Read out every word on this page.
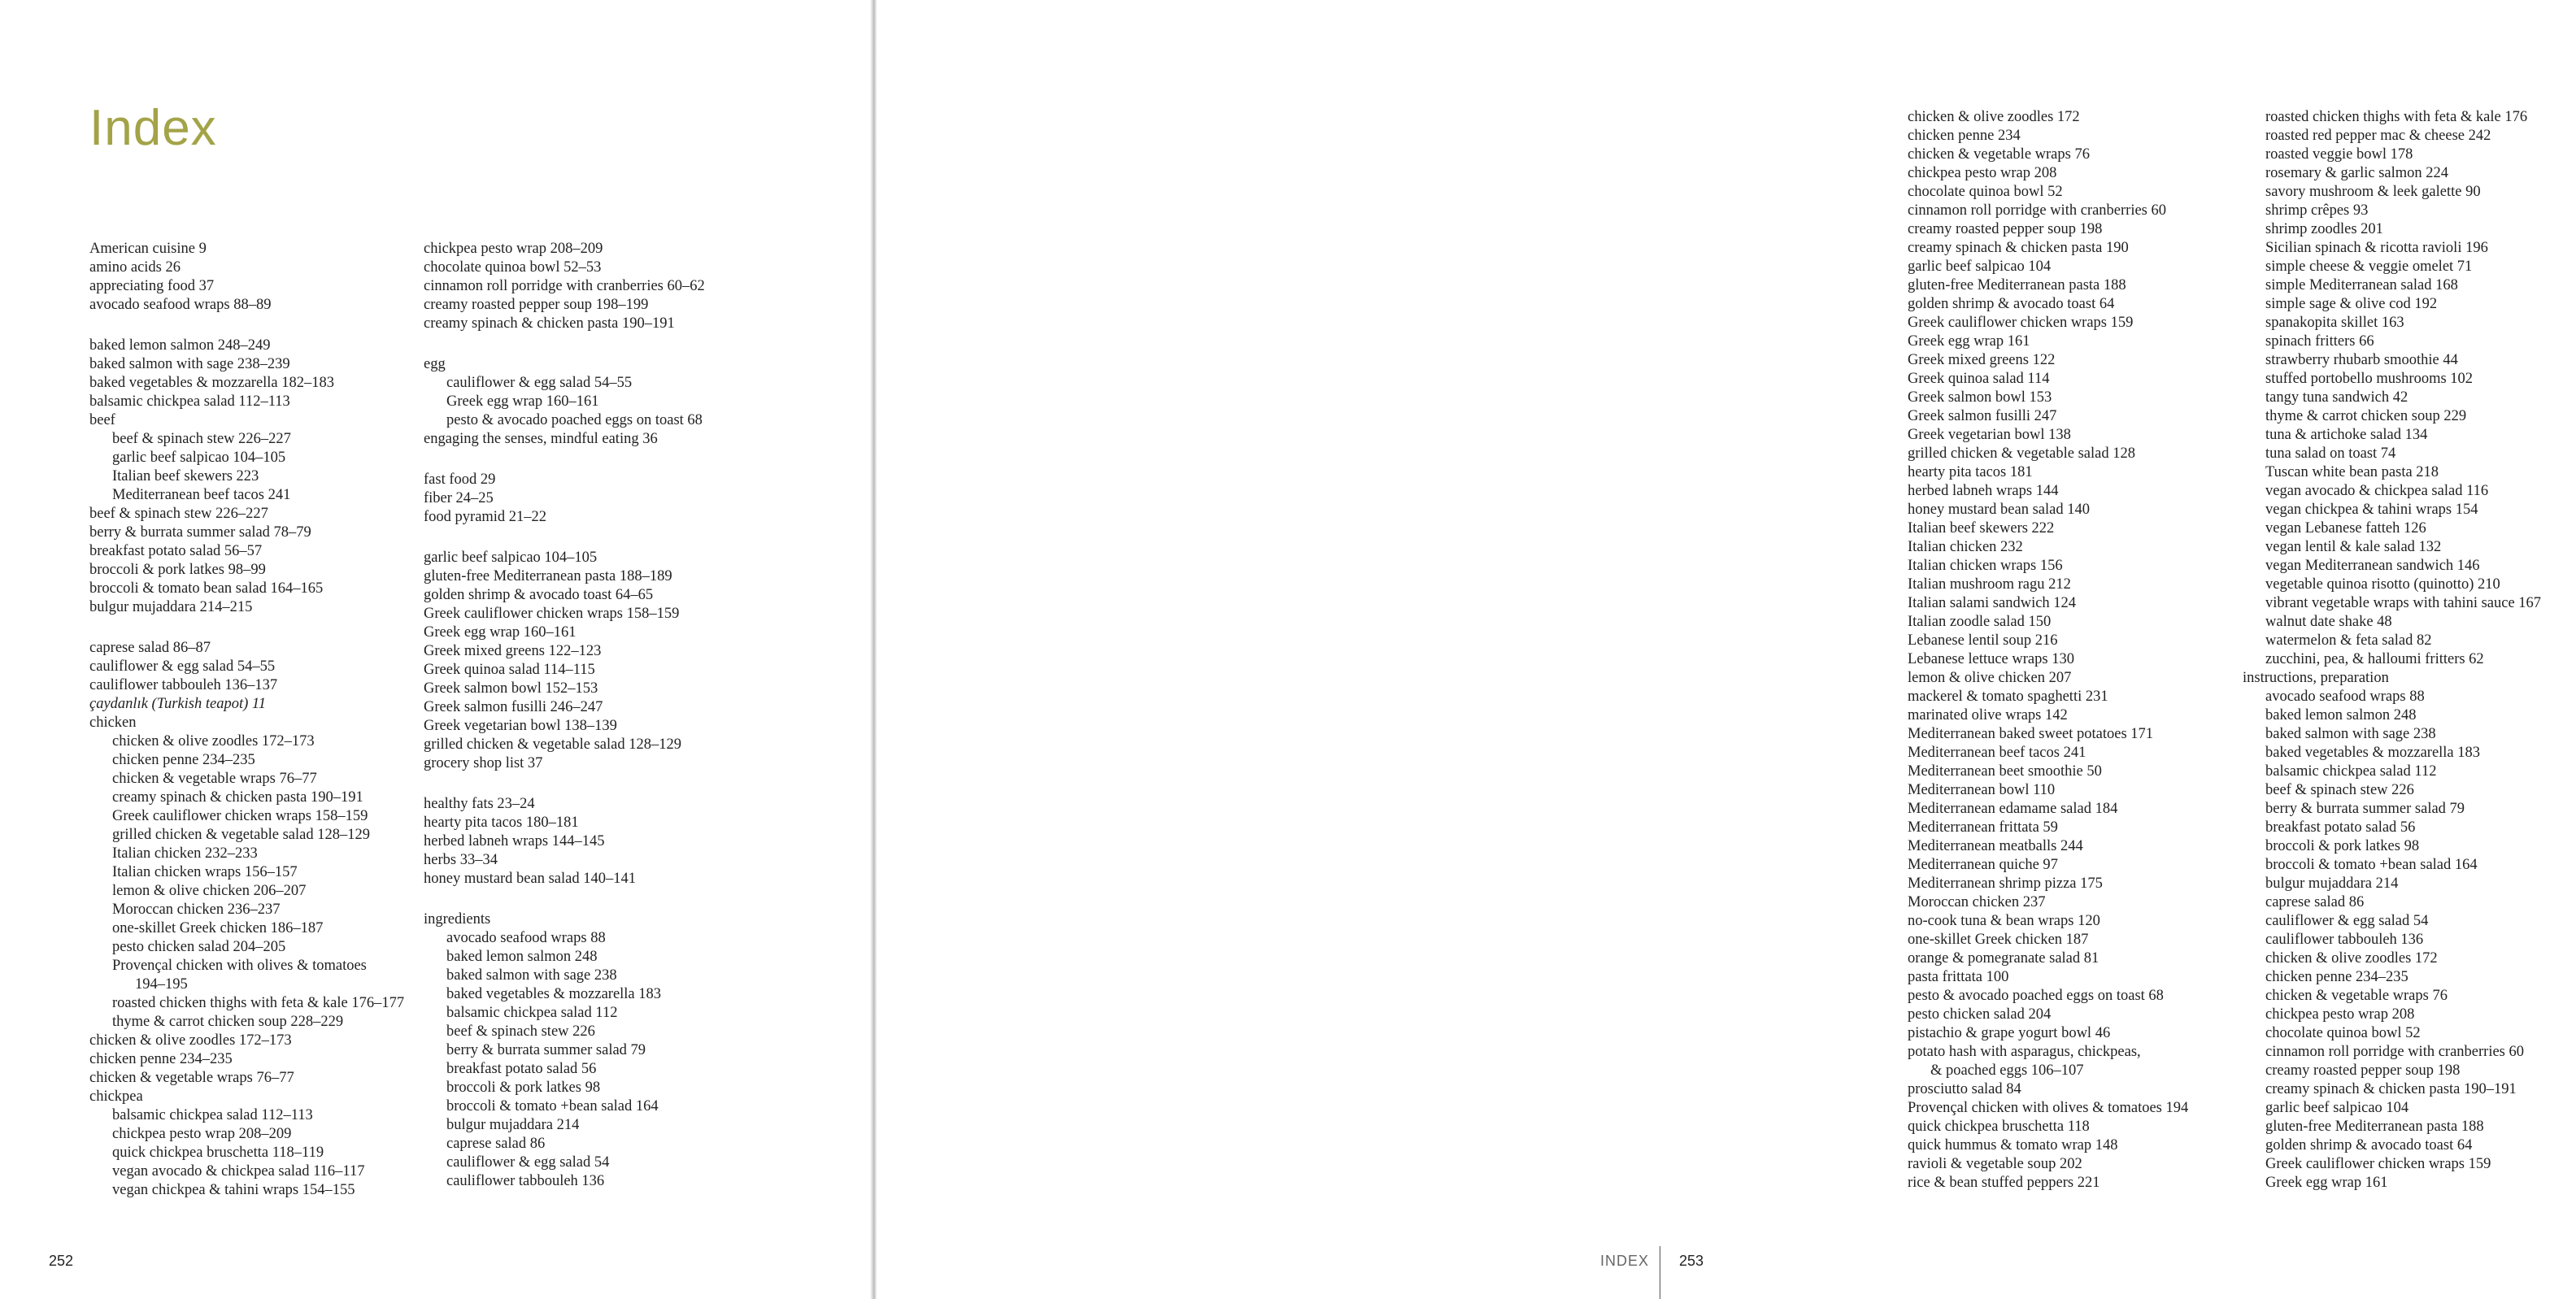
Index
American cuisine 9
amino acids 26
appreciating food 37
avocado seafood wraps 88–89
baked lemon salmon 248–249
baked salmon with sage 238–239
baked vegetables & mozzarella 182–183
balsamic chickpea salad 112–113
beef
beef & spinach stew 226–227
garlic beef salpicao 104–105
Italian beef skewers 223
Mediterranean beef tacos 241
beef & spinach stew 226–227
berry & burrata summer salad 78–79
breakfast potato salad 56–57
broccoli & pork latkes 98–99
broccoli & tomato bean salad 164–165
bulgur mujaddara 214–215
caprese salad 86–87
cauliflower & egg salad 54–55
cauliflower tabbouleh 136–137
çaydanlık (Turkish teapot) 11
chicken
chicken & olive zoodles 172–173
chicken penne 234–235
chicken & vegetable wraps 76–77
creamy spinach & chicken pasta 190–191
Greek cauliflower chicken wraps 158–159
grilled chicken & vegetable salad 128–129
Italian chicken 232–233
Italian chicken wraps 156–157
lemon & olive chicken 206–207
Moroccan chicken 236–237
one-skillet Greek chicken 186–187
pesto chicken salad 204–205
Provençal chicken with olives & tomatoes
194–195
roasted chicken thighs with feta & kale 176–177
thyme & carrot chicken soup 228–229
chicken & olive zoodles 172–173
chicken penne 234–235
chicken & vegetable wraps 76–77
chickpea
balsamic chickpea salad 112–113
chickpea pesto wrap 208–209
quick chickpea bruschetta 118–119
vegan avocado & chickpea salad 116–117
vegan chickpea & tahini wraps 154–155
chickpea pesto wrap 208–209
chocolate quinoa bowl 52–53
cinnamon roll porridge with cranberries 60–62
creamy roasted pepper soup 198–199
creamy spinach & chicken pasta 190–191
egg
cauliflower & egg salad 54–55
Greek egg wrap 160–161
pesto & avocado poached eggs on toast 68
engaging the senses, mindful eating 36
fast food 29
fiber 24–25
food pyramid 21–22
garlic beef salpicao 104–105
gluten-free Mediterranean pasta 188–189
golden shrimp & avocado toast 64–65
Greek cauliflower chicken wraps 158–159
Greek egg wrap 160–161
Greek mixed greens 122–123
Greek quinoa salad 114–115
Greek salmon bowl 152–153
Greek salmon fusilli 246–247
Greek vegetarian bowl 138–139
grilled chicken & vegetable salad 128–129
grocery shop list 37
healthy fats 23–24
hearty pita tacos 180–181
herbed labneh wraps 144–145
herbs 33–34
honey mustard bean salad 140–141
ingredients
avocado seafood wraps 88
baked lemon salmon 248
baked salmon with sage 238
baked vegetables & mozzarella 183
balsamic chickpea salad 112
beef & spinach stew 226
berry & burrata summer salad 79
breakfast potato salad 56
broccoli & pork latkes 98
broccoli & tomato +bean salad 164
bulgur mujaddara 214
caprese salad 86
cauliflower & egg salad 54
cauliflower tabbouleh 136
252
chicken & olive zoodles 172
chicken penne 234
chicken & vegetable wraps 76
chickpea pesto wrap 208
chocolate quinoa bowl 52
cinnamon roll porridge with cranberries 60
creamy roasted pepper soup 198
creamy spinach & chicken pasta 190
garlic beef salpicao 104
gluten-free Mediterranean pasta 188
golden shrimp & avocado toast 64
Greek cauliflower chicken wraps 159
Greek egg wrap 161
Greek mixed greens 122
Greek quinoa salad 114
Greek salmon bowl 153
Greek salmon fusilli 247
Greek vegetarian bowl 138
grilled chicken & vegetable salad 128
hearty pita tacos 181
herbed labneh wraps 144
honey mustard bean salad 140
Italian beef skewers 222
Italian chicken 232
Italian chicken wraps 156
Italian mushroom ragu 212
Italian salami sandwich 124
Italian zoodle salad 150
Lebanese lentil soup 216
Lebanese lettuce wraps 130
lemon & olive chicken 207
mackerel & tomato spaghetti 231
marinated olive wraps 142
Mediterranean baked sweet potatoes 171
Mediterranean beef tacos 241
Mediterranean beet smoothie 50
Mediterranean bowl 110
Mediterranean edamame salad 184
Mediterranean frittata 59
Mediterranean meatballs 244
Mediterranean quiche 97
Mediterranean shrimp pizza 175
Moroccan chicken 237
no-cook tuna & bean wraps 120
one-skillet Greek chicken 187
orange & pomegranate salad 81
pasta frittata 100
pesto & avocado poached eggs on toast 68
pesto chicken salad 204
pistachio & grape yogurt bowl 46
potato hash with asparagus, chickpeas,
& poached eggs 106–107
prosciutto salad 84
Provençal chicken with olives & tomatoes 194
quick chickpea bruschetta 118
quick hummus & tomato wrap 148
ravioli & vegetable soup 202
rice & bean stuffed peppers 221
roasted chicken thighs with feta & kale 176
roasted red pepper mac & cheese 242
roasted veggie bowl 178
rosemary & garlic salmon 224
savory mushroom & leek galette 90
shrimp crêpes 93
shrimp zoodles 201
Sicilian spinach & ricotta ravioli 196
simple cheese & veggie omelet 71
simple Mediterranean salad 168
simple sage & olive cod 192
spanakopita skillet 163
spinach fritters 66
strawberry rhubarb smoothie 44
stuffed portobello mushrooms 102
tangy tuna sandwich 42
thyme & carrot chicken soup 229
tuna & artichoke salad 134
tuna salad on toast 74
Tuscan white bean pasta 218
vegan avocado & chickpea salad 116
vegan chickpea & tahini wraps 154
vegan Lebanese fatteh 126
vegan lentil & kale salad 132
vegan Mediterranean sandwich 146
vegetable quinoa risotto (quinotto) 210
vibrant vegetable wraps with tahini sauce 167
walnut date shake 48
watermelon & feta salad 82
zucchini, pea, & halloumi fritters 62
instructions, preparation
avocado seafood wraps 88
baked lemon salmon 248
baked salmon with sage 238
baked vegetables & mozzarella 183
balsamic chickpea salad 112
beef & spinach stew 226
berry & burrata summer salad 79
breakfast potato salad 56
broccoli & pork latkes 98
broccoli & tomato +bean salad 164
bulgur mujaddara 214
caprese salad 86
cauliflower & egg salad 54
cauliflower tabbouleh 136
chicken & olive zoodles 172
chicken penne 234–235
chicken & vegetable wraps 76
chickpea pesto wrap 208
chocolate quinoa bowl 52
cinnamon roll porridge with cranberries 60
creamy roasted pepper soup 198
creamy spinach & chicken pasta 190–191
garlic beef salpicao 104
gluten-free Mediterranean pasta 188
golden shrimp & avocado toast 64
Greek cauliflower chicken wraps 159
Greek egg wrap 161
INDEX 253
